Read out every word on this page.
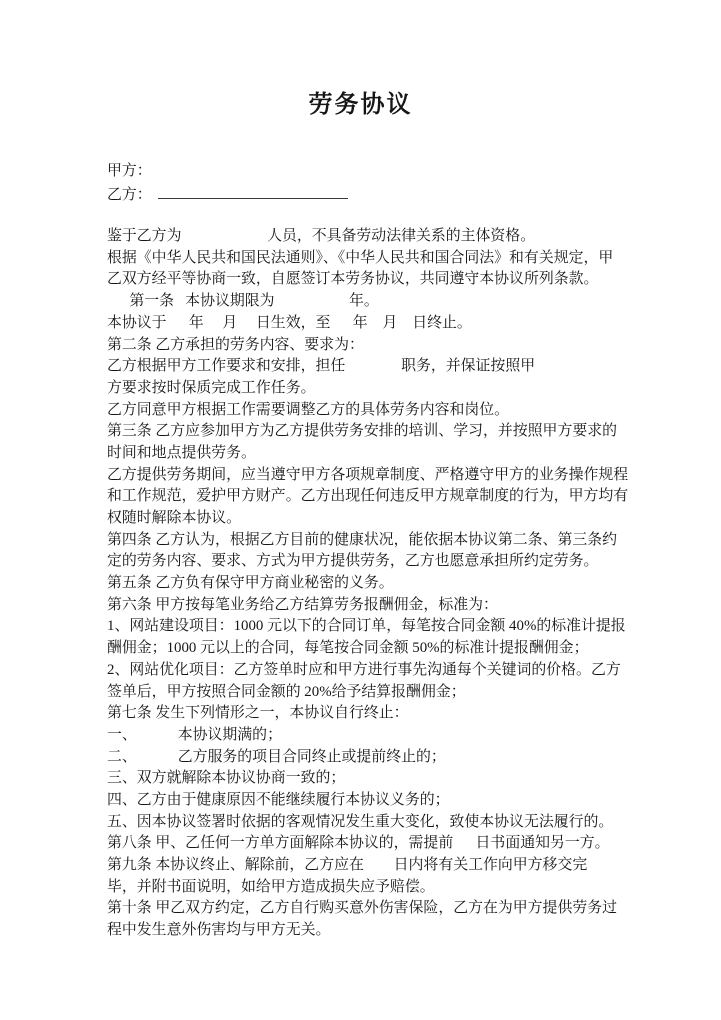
劳务协议
甲方：
乙方：
鉴于乙方为                       人员，不具备劳动法律关系的主体资格。
根据《中华人民共和国民法通则》、《中华人民共和国合同法》和有关规定，甲
乙双方经平等协商一致，自愿签订本劳务协议，共同遵守本协议所列条款。
第一条   本协议期限为                    年。
本协议于      年     月     日生效，至      年    月    日终止。
第二条 乙方承担的劳务内容、要求为：
乙方根据甲方工作要求和安排，担任               职务，并保证按照甲
方要求按时保质完成工作任务。
乙方同意甲方根据工作需要调整乙方的具体劳务内容和岗位。
第三条 乙方应参加甲方为乙方提供劳务安排的培训、学习，并按照甲方要求的
时间和地点提供劳务。
乙方提供劳务期间，应当遵守甲方各项规章制度、严格遵守甲方的业务操作规程
和工作规范，爱护甲方财产。乙方出现任何违反甲方规章制度的行为，甲方均有
权随时解除本协议。
第四条 乙方认为，根据乙方目前的健康状况，能依据本协议第二条、第三条约
定的劳务内容、要求、方式为甲方提供劳务，乙方也愿意承担所约定劳务。
第五条 乙方负有保守甲方商业秘密的义务。
第六条 甲方按每笔业务给乙方结算劳务报酬佣金，标准为：
1、网站建设项目：1000 元以下的合同订单，每笔按合同金额 40%的标准计提报
酬佣金；1000 元以上的合同，每笔按合同金额 50%的标准计提报酬佣金；
2、网站优化项目：乙方签单时应和甲方进行事先沟通每个关键词的价格。乙方
签单后，甲方按照合同金额的 20%给予结算报酬佣金；
第七条 发生下列情形之一，本协议自行终止：
一、           本协议期满的；
二、           乙方服务的项目合同终止或提前终止的；
三、双方就解除本协议协商一致的；
四、乙方由于健康原因不能继续履行本协议义务的；
五、因本协议签署时依据的客观情况发生重大变化，致使本协议无法履行的。
第八条 甲、乙任何一方单方面解除本协议的，需提前      日书面通知另一方。
第九条 本协议终止、解除前，乙方应在        日内将有关工作向甲方移交完
毕，并附书面说明，如给甲方造成损失应予赔偿。
第十条 甲乙双方约定，乙方自行购买意外伤害保险，乙方在为甲方提供劳务过
程中发生意外伤害均与甲方无关。
